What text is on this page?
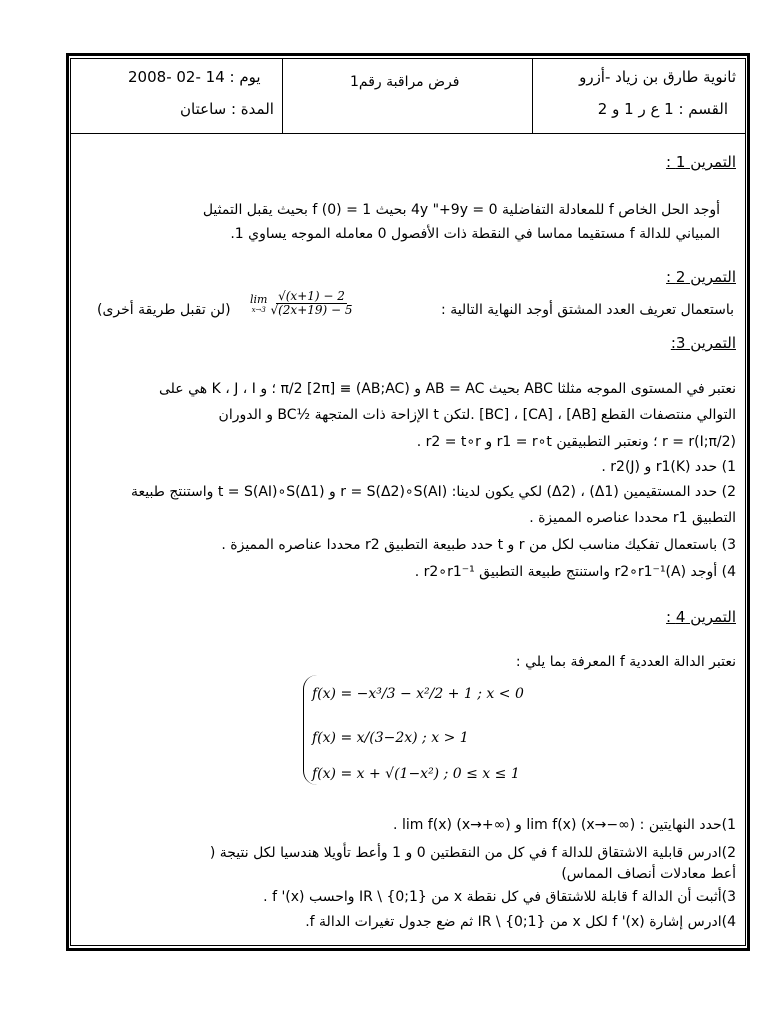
ثانوية طارق بن زياد -أزرو
القسم : 1 ع ر 1 و 2
فرض مراقبة رقم1
يوم : 14 -02 -2008
المدة : ساعتان
التمرين 1 :
أوجد الحل الخاص f للمعادلة التفاضلية 4y "+9y = 0 بحيث f (0) = 1 بحيث يقبل التمثيل
المبياني للدالة f مستقيما مماسا في النقطة ذات الأفصول 0 معامله الموجه يساوي 1.
التمرين 2 :
باستعمال تعريف العدد المشتق أوجد النهاية التالية :
lim
$x\to 3 \frac{√(x+1) - 2}{√(2x+19) - 5}$
(لن تقبل طريقة أخرى)
التمرين 3:
نعتبر في المستوى الموجه مثلثا ABC بحيث AB = AC و (AB;AC) ≡ π/2 [2π] ؛ و K ، J ، I هي على
التوالي منتصفات القطع [AB] ، [CA] ، [BC] .لتكن t الإزاحة ذات المتجهة ½BC و الدوران
r = r(I;π/2) ؛ ونعتبر التطبيقين r1 = r∘t و r2 = t∘r .
1) حدد r1(K) و r2(J) .
2) حدد المستقيمين (Δ1) ، (Δ2) لكي يكون لدينا: r = S(Δ2)∘S(AI) و t = S(AI)∘S(Δ1) واستنتج طبيعة
التطبيق r1 محددا عناصره المميزة .
3) باستعمال تفكيك مناسب لكل من r و t حدد طبيعة التطبيق r2 محددا عناصره المميزة .
4) أوجد r2∘r1⁻¹(A) واستنتج طبيعة التطبيق r2∘r1⁻¹ .
التمرين 4 :
نعتبر الدالة العددية f المعرفة بما يلي :
f(x) = −x³/3 − x²/2 + 1 ; x < 0
f(x) = x/(3−2x) ; x > 1
f(x) = x + √(1−x²) ; 0 ≤ x ≤ 1
1)حدد النهايتين : lim f(x) (x→−∞) و lim f(x) (x→+∞) .
2)ادرس قابلية الاشتقاق للدالة f في كل من النقطتين 0 و 1 وأعط تأويلا هندسيا لكل نتيجة (
أعط معادلات أنصاف المماس)
3)أثبت أن الدالة f قابلة للاشتقاق في كل نقطة x من IR \ {0;1} واحسب f '(x) .
4)ادرس إشارة f '(x) لكل x من IR \ {0;1} ثم ضع جدول تغيرات الدالة f.
